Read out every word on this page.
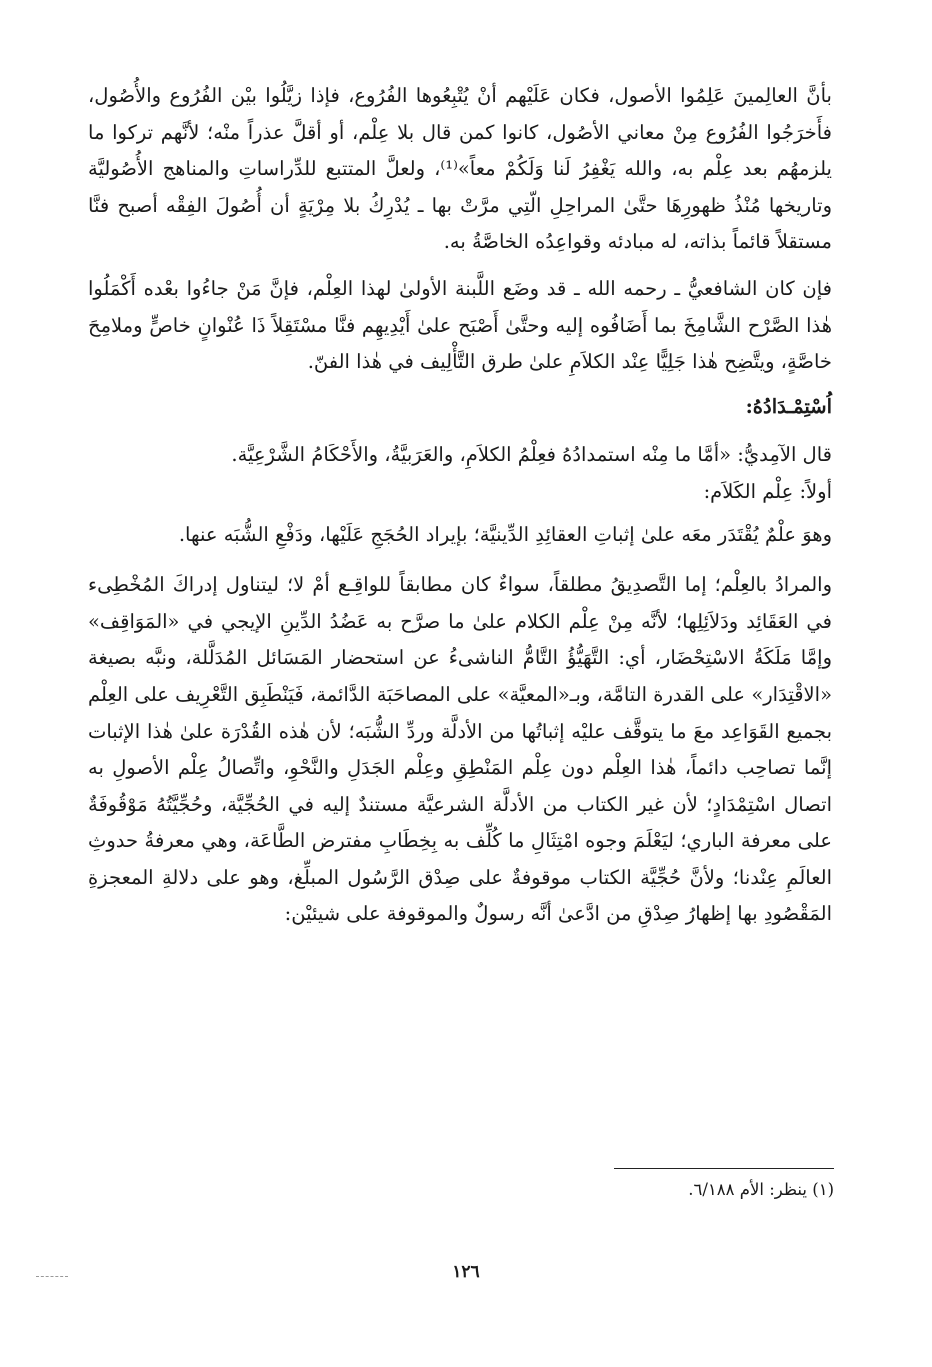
بأنَّ العالِمينَ عَلِمُوا الأصول، فكان عَلَيْهم أنْ يُتْبِعُوها الفُرُوع، فإذا زيَّلُوا بيْن الفُرُوع والأُصُول، فأَخرَجُوا الفُرُوع مِنْ معاني الأصُول، كانوا كمن قال بلا عِلْم، أو أقلَّ عذراً منْه؛ لأنَّهم تركوا ما يلزمهُم بعد عِلْم به، والله يَغْفِرُ لَنا وَلَكُمْ معاً»⁽¹⁾، ولعلَّ المتتبع للدِّراساتِ والمناهج الأُصُوليَّة وتاريخها مُنْذُ ظهورِهَا حتَّىٰ المراحِلِ الّتِي مرَّتْ بها ـ يُدْرِكُ بلا مِرْيَةٍ أن أُصُولَ الفِقْه أصبح فنَّا مستقلاً قائماً بذاته، له مبادئه وقواعِدُه الخاصَّةُ به.

فإن كان الشافعيُّ ـ رحمه الله ـ قد وضَع اللَّبنة الأولىٰ لهذا العِلْم، فإنَّ مَنْ جاءُوا بعْده أَكْمَلُوا هٰذا الصَّرْح الشَّامِخَ بما أَضَافُوه إليه وحتَّىٰ أَصْبَح علىٰ أَيْدِيهِم فنَّا مسْتَقِلاً ذَا عُنْوانٍ خاصٍّ وملامِحَ خاصَّةٍ، ويتَّضِح هٰذا جَلِيًّا عِنْد الكلاَمِ علىٰ طرق التَّأْلِيف في هٰذا الفنّ.

اُسْتِمْـدَادُهُ:

قال الآمِديُّ: «أمَّا ما مِنْه استمدادُهُ فعِلْمُ الكلاَمِ، والعَرَبيَّةُ، والأَحْكَامُ الشَّرْعِيَّة.

أولاً: عِلْم الكَلاَم:

وهوَ علْمٌ يُقْتَدَر معَه علىٰ إثباتِ العقائِدِ الدِّينيَّة؛ بإيراد الحُجَجِ عَلَيْها، ودَفْعِ الشُّبَه عنها.

والمرادُ بالعِلْم؛ إما التَّصدِيقُ مطلقاً، سواءٌ كان مطابقاً للواقِـع أمْ لا؛ ليتناول إدراكَ المُخْطِىء في العَقَائِد ودَلاَئِلِها؛ لأنَّه مِنْ عِلْم الكلام علىٰ ما صرَّح به عَضُدُ الدِّينِ الإيجي في «المَوَاقِف» وإمَّا مَلَكَةُ الاسْتِحْضَار، أي: التَّهَيُّؤُ التَّامُّ الناشىءُ عن استحضار المَسَائل المُدَلَّلة، ونبَّه بصيغة «الاقْتِدَار» على القدرة التامَّة، وبـ«المعيَّة» على المصاحَبَة الدَّائمة، فَيَنْطَبِق التَّعْرِيف على العِلْم بجميع القَوَاعِد معَ ما يتوقَّف عليْه إثباتُها من الأدلَّة وردِّ الشُّبَه؛ لأن هٰذه القُدْرَة علىٰ هٰذا الإثبات إنَّما تصاحِب دائماً، هٰذا العِلْم دون عِلْم المَنْطِقِ وعِلْم الجَدَلِ والنَّحْوِ، واتِّصالُ عِلْم الأصولِ به اتصال اسْتِمْدَادٍ؛ لأن غير الكتاب من الأدلَّة الشرعيَّة مستندٌ إليه في الحُجِّيَّة، وحُجِّيَّتُهُ مَوْقُوفَةٌ على معرفة الباري؛ ليَعْلَمَ وجوه امْتِثَالِ ما كُلِّف به بِخِطَابِ مفترض الطَّاعَة، وهي معرفةُ حدوثِ العالَمِ عِنْدنا؛ ولأنَّ حُجِّيَّة الكتاب موقوفةٌ على صِدْق الرَّسُول المبلِّغ، وهو على دلالةِ المعجزةِ المَقْصُودِ بها إظهارُ صِدْقِ من ادَّعىٰ أنَّه رسولٌ والموقوفة على شيئيْن:

(١) ينظر: الأم ٦/١٨٨.
١٢٦
